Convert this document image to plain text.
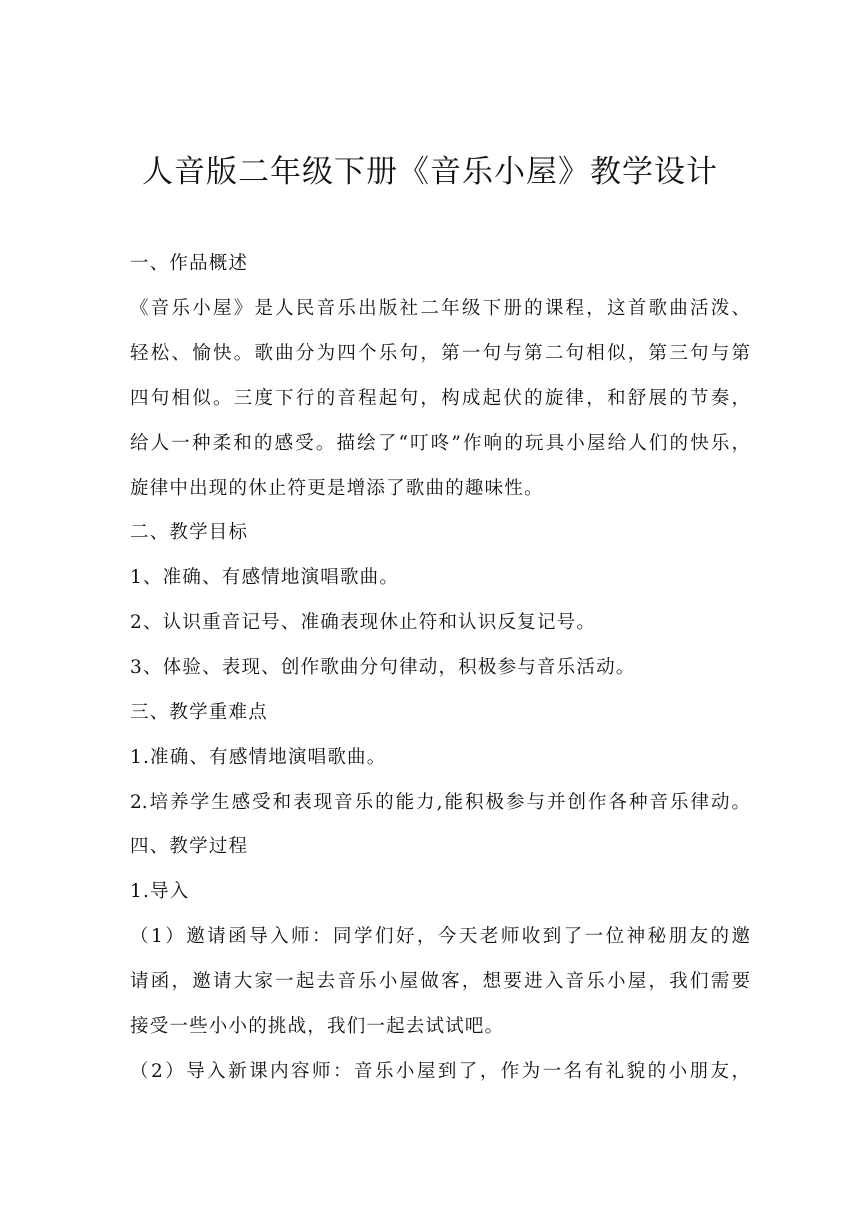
人音版二年级下册《音乐小屋》教学设计
一、作品概述
《音乐小屋》是人民音乐出版社二年级下册的课程，这首歌曲活泼、
轻松、愉快。歌曲分为四个乐句，第一句与第二句相似，第三句与第
四句相似。三度下行的音程起句，构成起伏的旋律，和舒展的节奏，
给人一种柔和的感受。描绘了“叮咚”作响的玩具小屋给人们的快乐，
旋律中出现的休止符更是增添了歌曲的趣味性。
二、教学目标
1、准确、有感情地演唱歌曲。
2、认识重音记号、准确表现休止符和认识反复记号。
3、体验、表现、创作歌曲分句律动，积极参与音乐活动。
三、教学重难点
1.准确、有感情地演唱歌曲。
2.培养学生感受和表现音乐的能力,能积极参与并创作各种音乐律动。
四、教学过程
1.导入
（1）邀请函导入师：同学们好，今天老师收到了一位神秘朋友的邀
请函，邀请大家一起去音乐小屋做客，想要进入音乐小屋，我们需要
接受一些小小的挑战，我们一起去试试吧。
（2）导入新课内容师：音乐小屋到了，作为一名有礼貌的小朋友，
